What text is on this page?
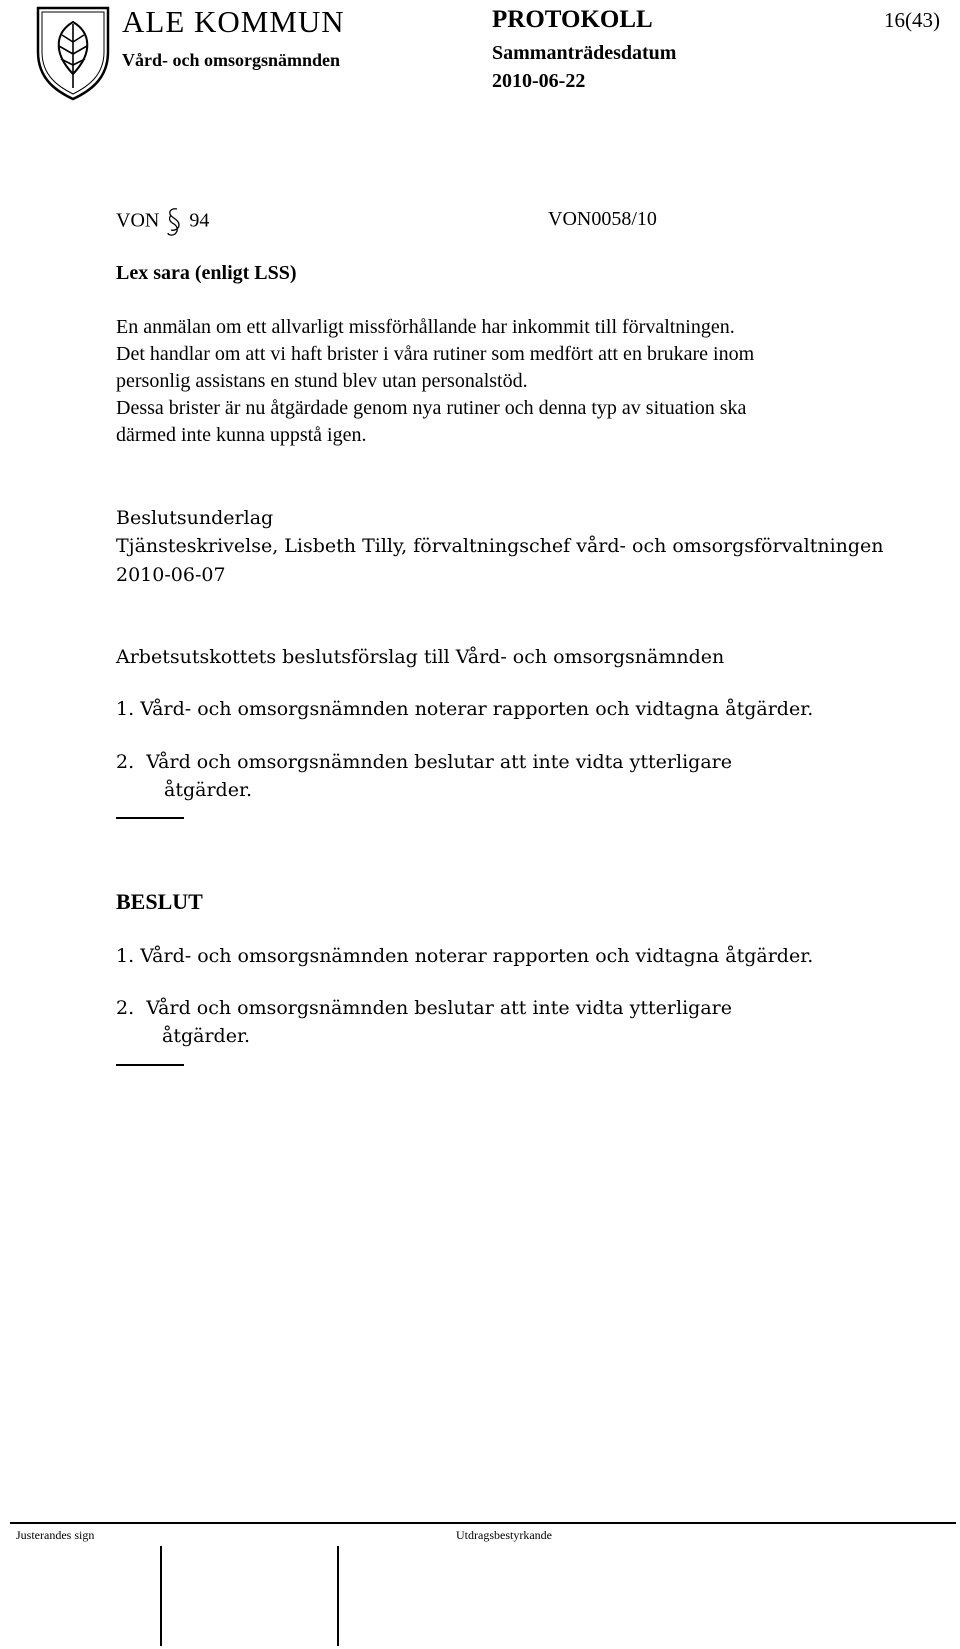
ALE KOMMUN
Vård- och omsorgsnämnden
PROTOKOLL	16(43)
Sammanträdesdatum
2010-06-22
VON 94	VON0058/10
Lex sara (enligt LSS)
En anmälan om ett allvarligt missförhållande har inkommit till förvaltningen.
Det handlar om att vi haft brister i våra rutiner som medfört att en brukare inom
personlig assistans en stund blev utan personalstöd.
Dessa brister är nu åtgärdade genom nya rutiner och denna typ av situation ska
därmed inte kunna uppstå igen.
Beslutsunderlag
Tjänsteskrivelse, Lisbeth Tilly, förvaltningschef vård- och omsorgsförvaltningen
2010-06-07
Arbetsutskottets beslutsförslag till Vård- och omsorgsnämnden
1. Vård- och omsorgsnämnden noterar rapporten och vidtagna åtgärder.
2. Vård och omsorgsnämnden beslutar att inte vidta ytterligare
åtgärder.
BESLUT
1. Vård- och omsorgsnämnden noterar rapporten och vidtagna åtgärder.
2. Vård och omsorgsnämnden beslutar att inte vidta ytterligare
åtgärder.
Justerandes sign	Utdragsbestyrkande
